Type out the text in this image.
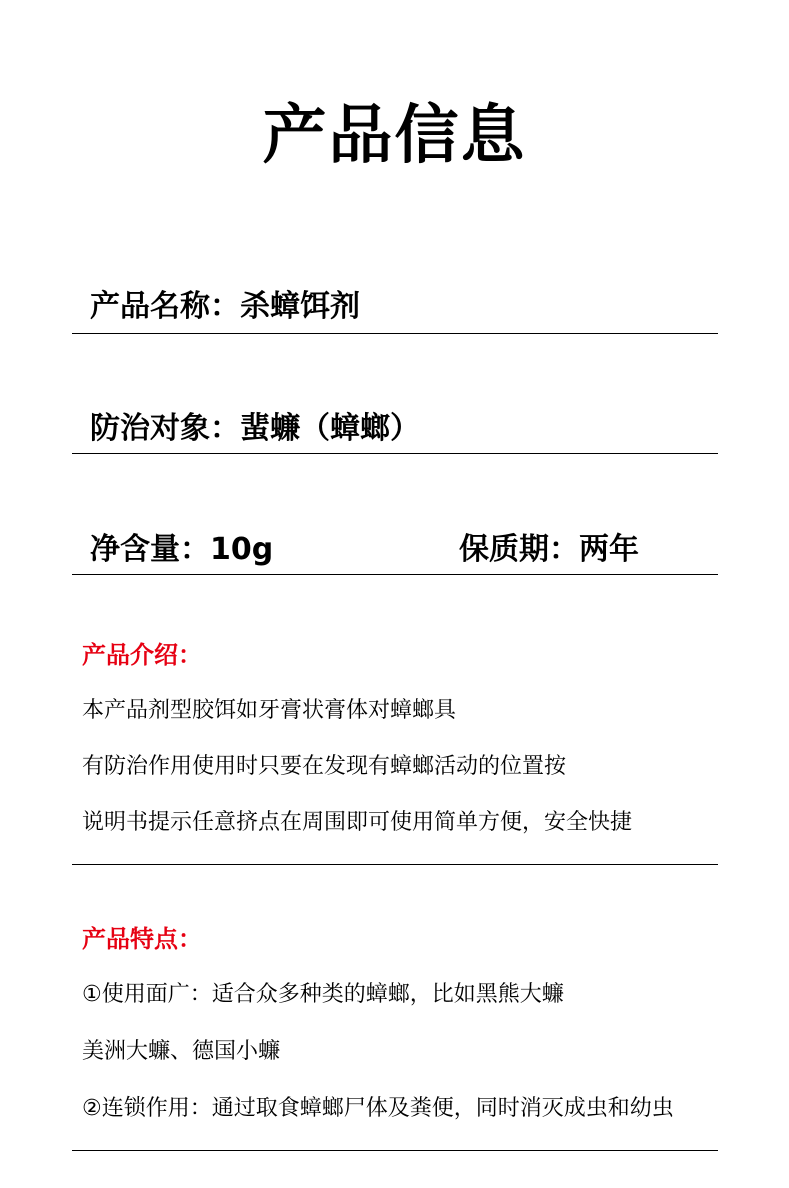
产品信息
产品名称：杀蟑饵剂
防治对象：蜚蠊（蟑螂）
净含量：10g	保质期：两年
产品介绍：
本产品剂型胶饵如牙膏状膏体对蟑螂具
有防治作用使用时只要在发现有蟑螂活动的位置按
说明书提示任意挤点在周围即可使用简单方便，安全快捷
产品特点：
①使用面广：适合众多种类的蟑螂，比如黑熊大蠊
美洲大蠊、德国小蠊
②连锁作用：通过取食蟑螂尸体及粪便，同时消灭成虫和幼虫
